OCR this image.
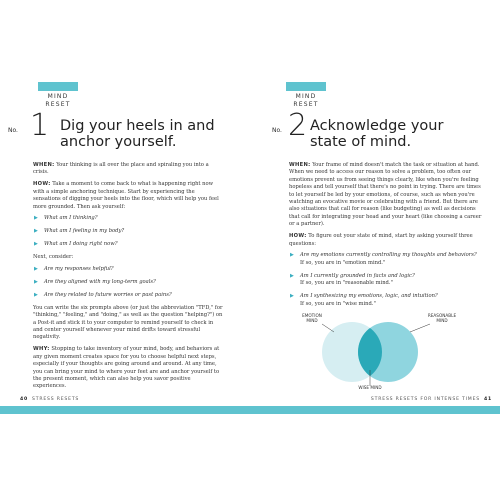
MIND
RESET
No. 1 Dig your heels in and anchor yourself.

WHEN: Your thinking is all over the place and spiraling you into a crisis.

HOW: Take a moment to come back to what is happening right now with a simple anchoring technique. Start by experiencing the sensations of digging your heels into the floor, which will help you feel more grounded. Then ask yourself:

▶ What am I thinking?
▶ What am I feeling in my body?
▶ What am I doing right now?

Next, consider:

▶ Are my responses helpful?
▶ Are they aligned with my long-term goals?
▶ Are they related to future worries or past pains?

You can write the six prompts above (or just the abbreviation "TFD," for "thinking," "feeling," and "doing," as well as the question "helping?") on a Post-it and stick it to your computer to remind yourself to check in and center yourself whenever your mind drifts toward stressful negativity.

WHY: Stopping to take inventory of your mind, body, and behaviors at any given moment creates space for you to choose helpful next steps, especially if your thoughts are going around and around. At any time, you can bring your mind to where your feet are and anchor yourself to the present moment, which can also help you savor positive experiences.

40 STRESS RESETS
MIND
RESET
No. 2 Acknowledge your state of mind.

WHEN: Your frame of mind doesn't match the task or situation at hand. When we need to access our reason to solve a problem, too often our emotions prevent us from seeing things clearly, like when you're feeling hopeless and tell yourself that there's no point in trying. There are times to let yourself be led by your emotions, of course, such as when you're watching an evocative movie or celebrating with a friend. But there are also situations that call for reason (like budgeting) as well as decisions that call for integrating your head and your heart (like choosing a career or a partner).

HOW: To figure out your state of mind, start by asking yourself three questions:

▶ Are my emotions currently controlling my thoughts and behaviors?
If so, you are in "emotion mind."
▶ Am I currently grounded in facts and logic?
If so, you are in "reasonable mind."
▶ Am I synthesizing my emotions, logic, and intuition?
If so, you are in "wise mind."
EMOTION
MIND
REASONABLE
MIND
WISE MIND
STRESS RESETS FOR INTENSE TIMES 41
